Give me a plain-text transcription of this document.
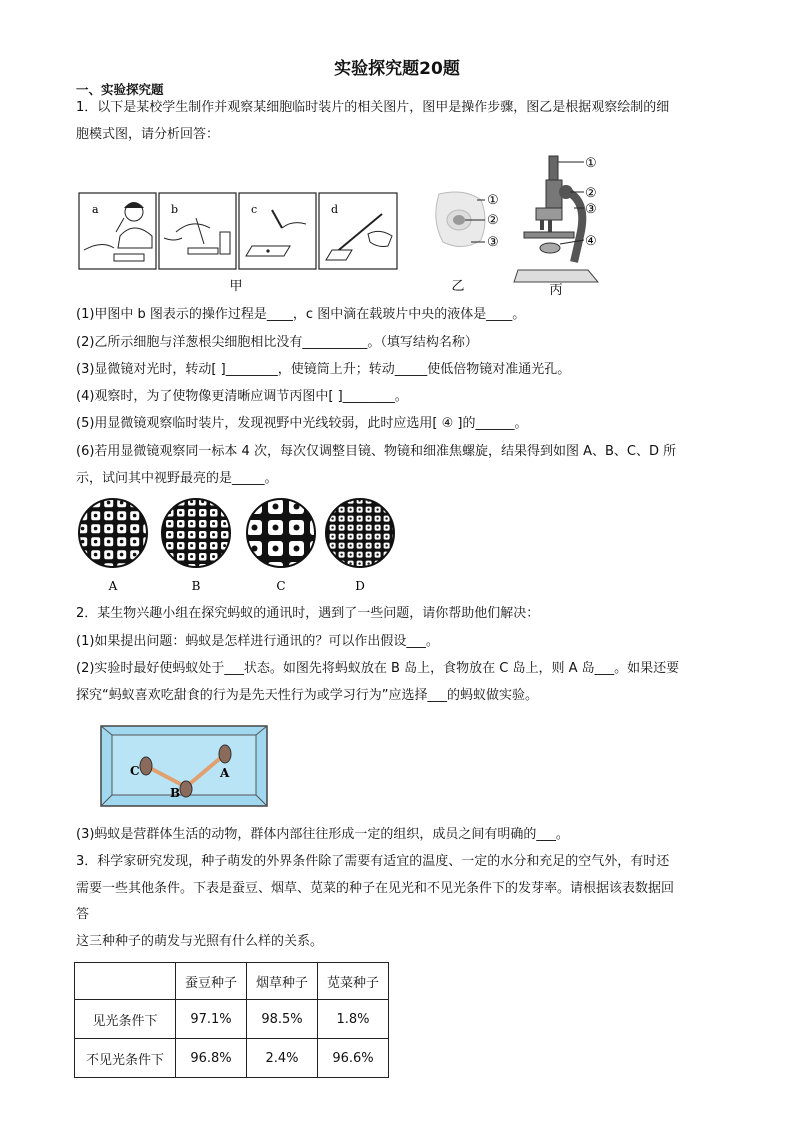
实验探究题20题
一、实验探究题
1．以下是某校学生制作并观察某细胞临时装片的相关图片，图甲是操作步骤，图乙是根据观察绘制的细
胞模式图，请分析回答：
a	b	c	d
甲
①
②
③
乙
①
②
③
④
丙
(1)甲图中 b 图表示的操作过程是____，c 图中滴在载玻片中央的液体是____。
(2)乙所示细胞与洋葱根尖细胞相比没有__________。（填写结构名称）
(3)显微镜对光时，转动[ ]________，使镜筒上升；转动_____使低倍物镜对准通光孔。
(4)观察时，为了使物像更清晰应调节丙图中[ ]________。
(5)用显微镜观察临时装片，发现视野中光线较弱，此时应选用[ ④ ]的______。
(6)若用显微镜观察同一标本 4 次，每次仅调整目镜、物镜和细准焦螺旋，结果得到如图 A、B、C、D 所
示，试问其中视野最亮的是_____。
A	B	C	D
2．某生物兴趣小组在探究蚂蚁的通讯时，遇到了一些问题，请你帮助他们解决：
(1)如果提出问题：蚂蚁是怎样进行通讯的？可以作出假设___。
(2)实验时最好使蚂蚁处于___状态。如图先将蚂蚁放在 B 岛上，食物放在 C 岛上，则 A 岛___。如果还要
探究“蚂蚁喜欢吃甜食的行为是先天性行为或学习行为”应选择___的蚂蚁做实验。
C
B
A
(3)蚂蚁是营群体生活的动物，群体内部往往形成一定的组织，成员之间有明确的___。
3．科学家研究发现，种子萌发的外界条件除了需要有适宜的温度、一定的水分和充足的空气外，有时还
需要一些其他条件。下表是蚕豆、烟草、苋菜的种子在见光和不见光条件下的发芽率。请根据该表数据回
答
这三种种子的萌发与光照有什么样的关系。
	蚕豆种子	烟草种子	苋菜种子
见光条件下	97.1%	98.5%	1.8%
不见光条件下	96.8%	2.4%	96.6%
